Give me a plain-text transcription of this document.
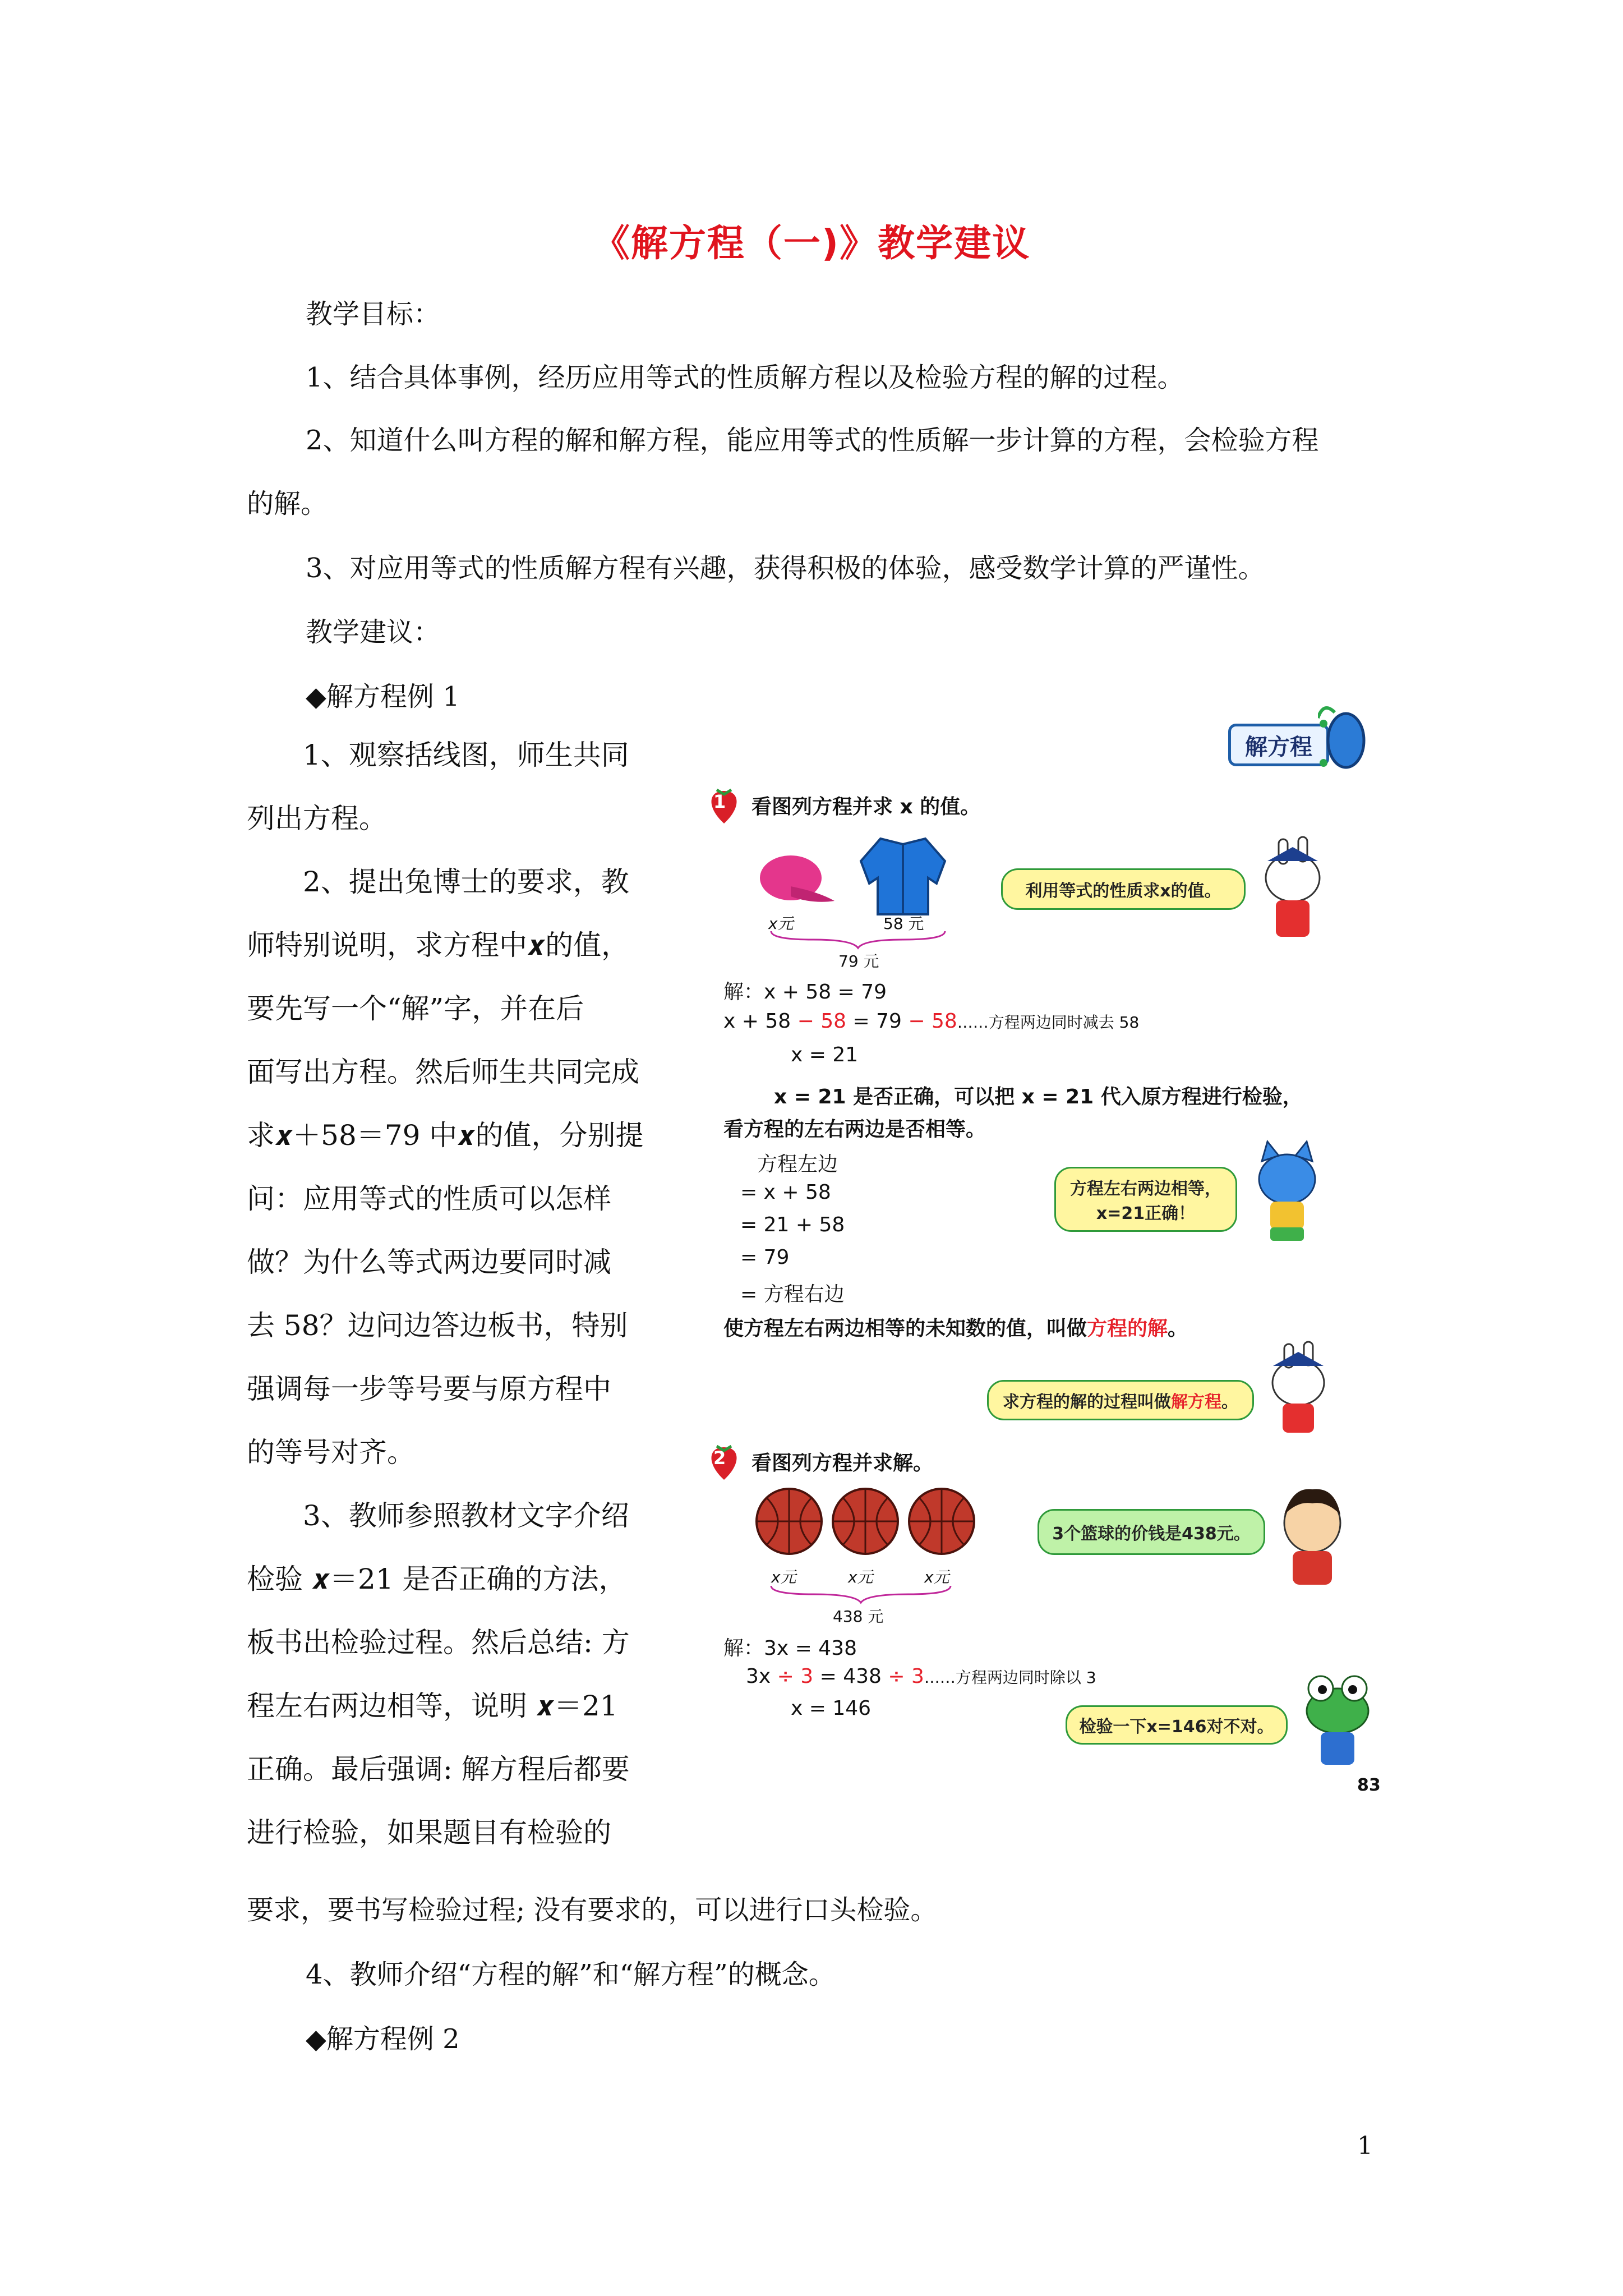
《解方程（一)》教学建议
教学目标：
1、结合具体事例，经历应用等式的性质解方程以及检验方程的解的过程。
2、知道什么叫方程的解和解方程，能应用等式的性质解一步计算的方程，会检验方程
的解。
3、对应用等式的性质解方程有兴趣，获得积极的体验，感受数学计算的严谨性。
教学建议：
◆解方程例 1
　　1、观察括线图，师生共同
列出方程。
　　2、提出兔博士的要求，教
师特别说明，求方程中𝒙的值，
要先写一个“解”字，并在后
面写出方程。然后师生共同完成
求𝒙＋58＝79 中𝒙的值，分别提
问：应用等式的性质可以怎样
做？为什么等式两边要同时减
去 58？边问边答边板书，特别
强调每一步等号要与原方程中
的等号对齐。
　　3、教师参照教材文字介绍
检验 𝒙＝21 是否正确的方法，
板书出检验过程。然后总结: 方
程左右两边相等，说明 𝒙＝21
正确。最后强调: 解方程后都要
进行检验，如果题目有检验的
要求，要书写检验过程; 没有要求的，可以进行口头检验。
4、教师介绍“方程的解”和“解方程”的概念。
◆解方程例 2
解方程
1 看图列方程并求 x 的值。
x元	58 元
79 元
利用等式的性质求x的值。
解：x + 58 = 79
x + 58 − 58 = 79 − 58……方程两边同时减去 58
x = 21
x = 21 是否正确，可以把 x = 21 代入原方程进行检验，
看方程的左右两边是否相等。
方程左边
= x + 58
= 21 + 58
= 79
= 方程右边
方程左右两边相等，
x=21正确！
使方程左右两边相等的未知数的值，叫做方程的解。
求方程的解的过程叫做 解方程 。
2 看图列方程并求解。
x元	x元	x元
438 元
3个篮球的价钱是438元。
解：3x = 438
3x ÷ 3 = 438 ÷ 3……方程两边同时除以 3
x = 146
检验一下x=146对不对。
83
1
